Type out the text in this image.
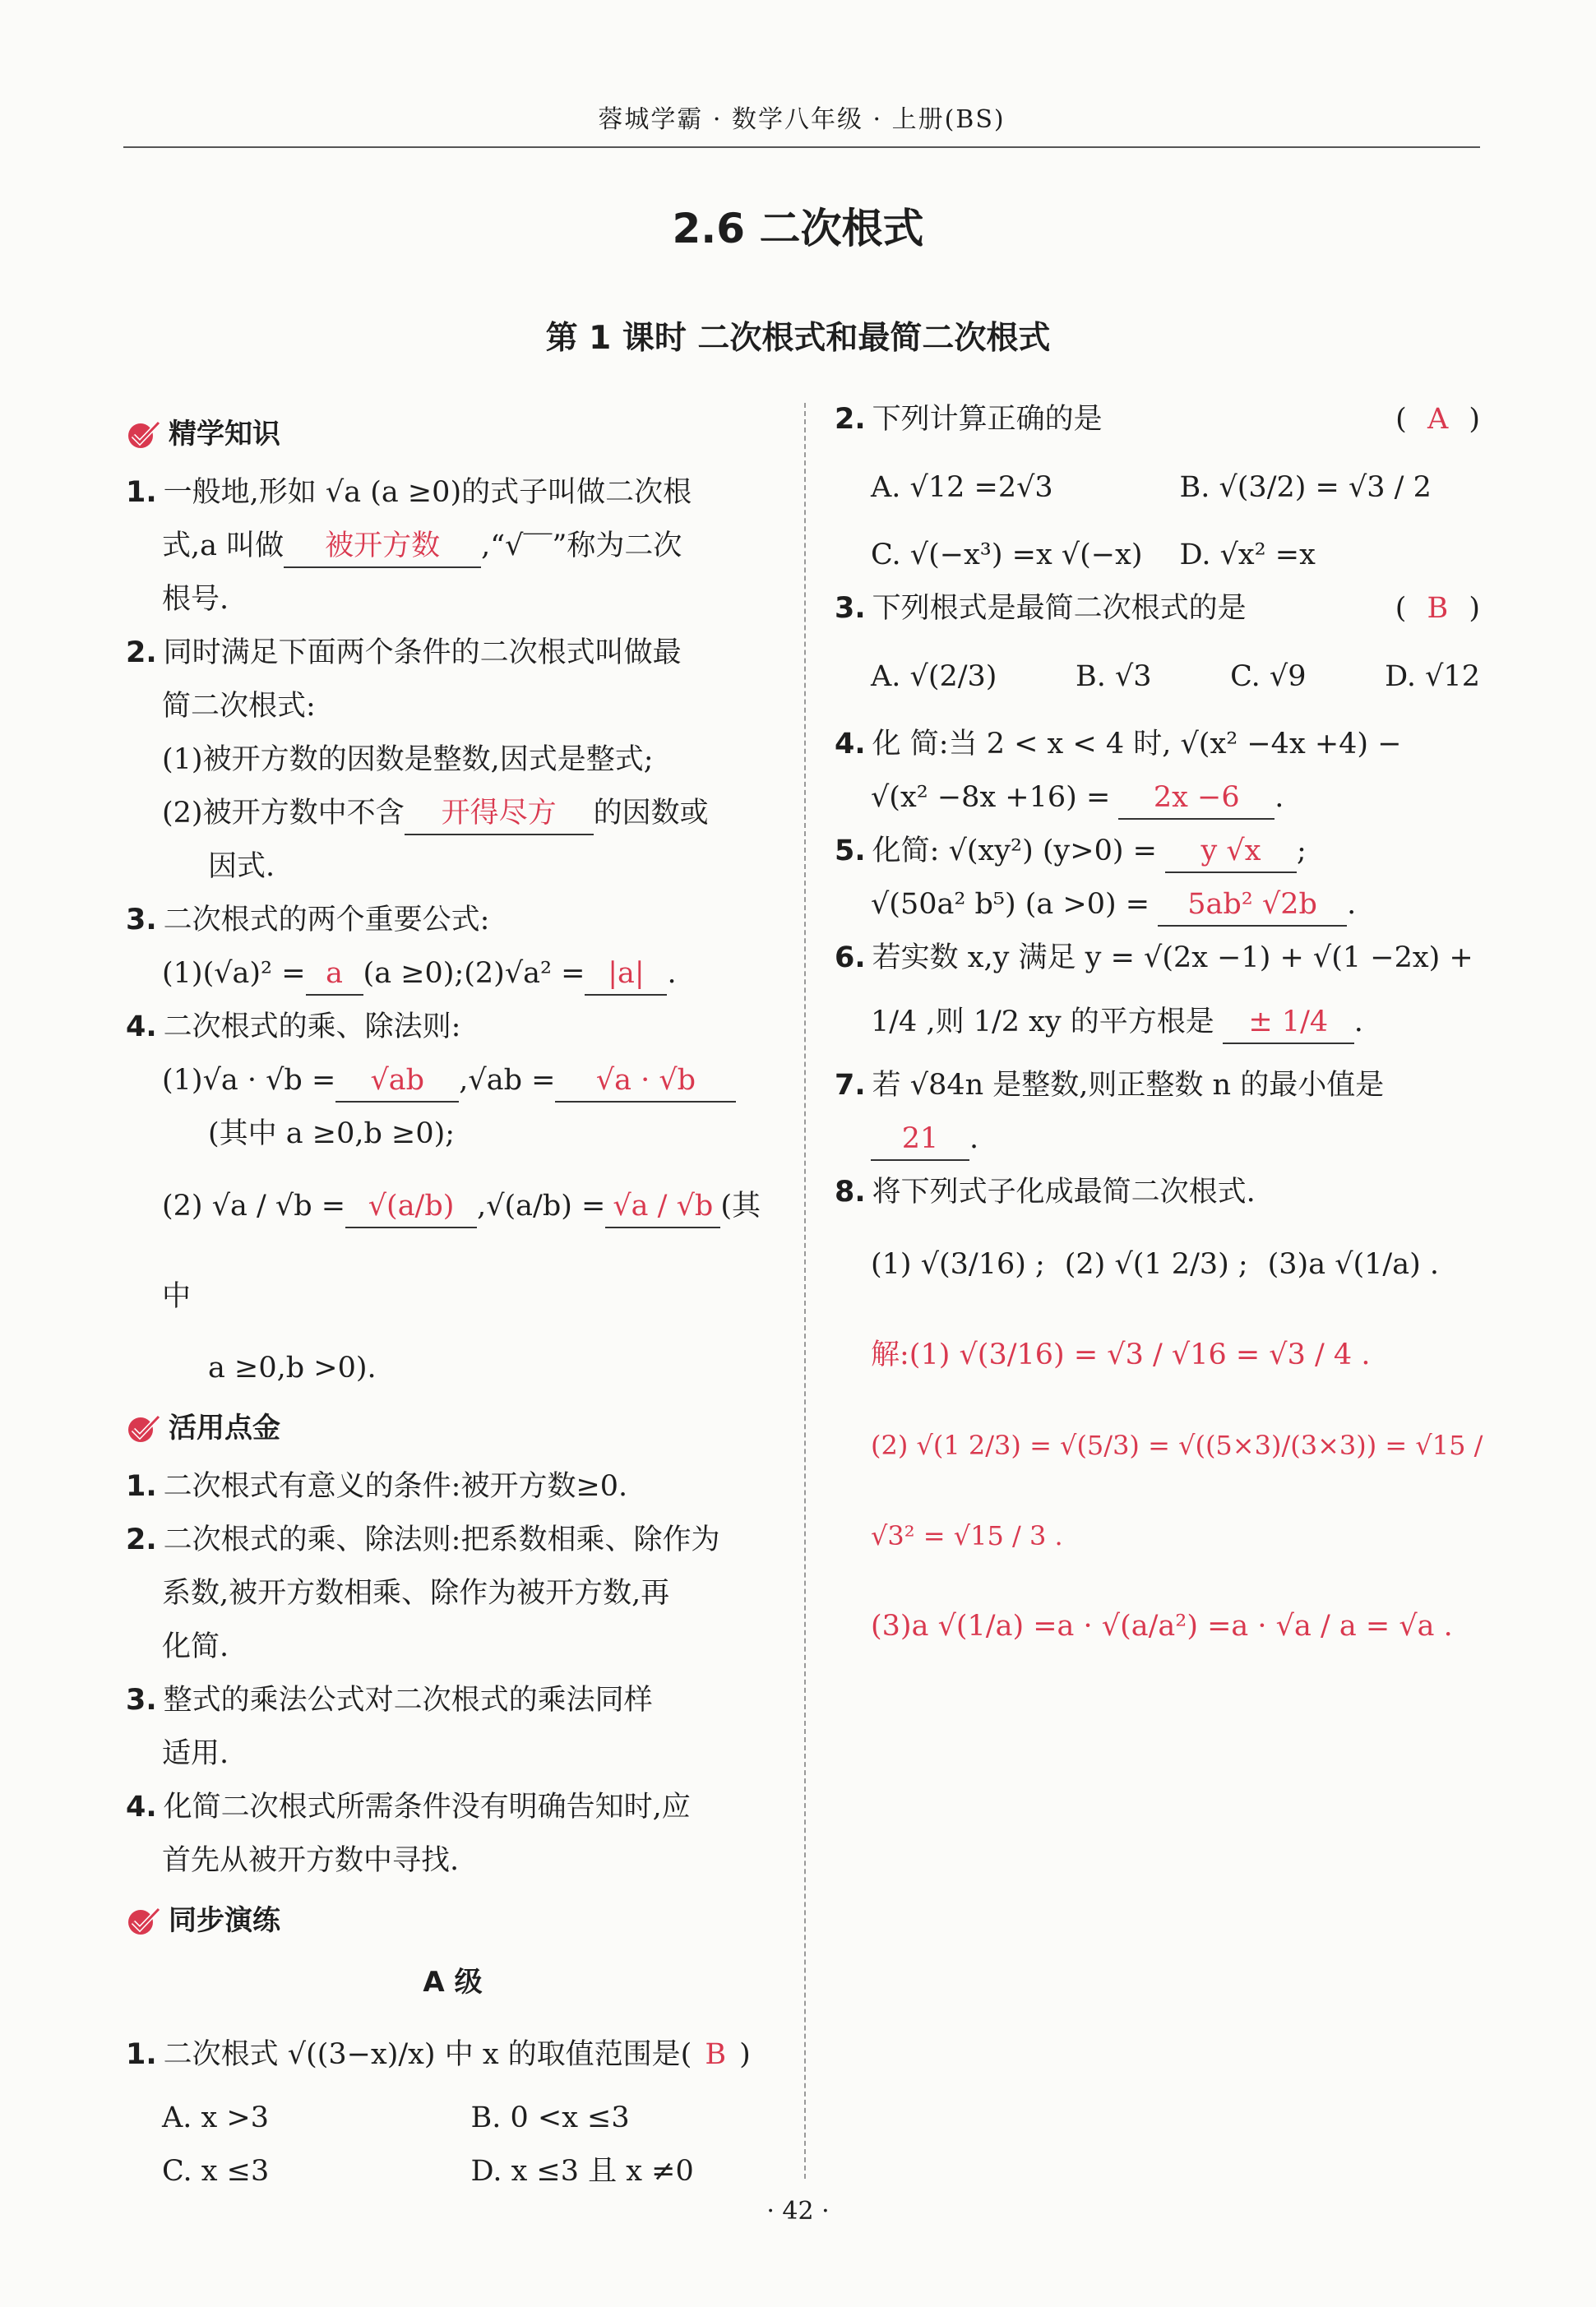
蓉城学霸 · 数学八年级 · 上册(BS)
2.6 二次根式
第 1 课时 二次根式和最简二次根式
精学知识

1. 一般地,形如 √a (a ≥0)的式子叫做二次根

式,a 叫做 被开方数 ,“√‾‾”称为二次

根号.

2. 同时满足下面两个条件的二次根式叫做最

简二次根式:

(1)被开方数的因数是整数,因式是整式;

(2)被开方数中不含 开得尽方 的因数或

因式.

3. 二次根式的两个重要公式:

(1)(√a)² = a (a ≥0);(2)√a² = |a| .

4. 二次根式的乘、除法则:

(1)√a · √b = √ab ,√ab = √a · √b

(其中 a ≥0,b ≥0);

(2) √a / √b = √(a/b) ,√(a/b) = √a / √b (其中

a ≥0,b >0).

活用点金

1. 二次根式有意义的条件:被开方数≥0.

2. 二次根式的乘、除法则:把系数相乘、除作为

系数,被开方数相乘、除作为被开方数,再

化简.

3. 整式的乘法公式对二次根式的乘法同样

适用.

4. 化简二次根式所需条件没有明确告知时,应

首先从被开方数中寻找.

同步演练
A 级

1. 二次根式 √((3−x)/x) 中 x 的取值范围是( B )

A. x >3	B. 0 <x ≤3
C. x ≤3	D. x ≤3 且 x ≠0

2. 下列计算正确的是	( A )

A. √12 =2√3	B. √(3/2) = √3 / 2
C. √(−x³) =x √(−x)	D. √x² =x

3. 下列根式是最简二次根式的是	( B )

A. √(2/3)	B. √3	C. √9	D. √12

4. 化 简:当 2 < x < 4 时, √(x² −4x +4) −

√(x² −8x +16) = 2x −6 .

5. 化简: √(xy²) (y>0) = y √x ;

√(50a² b⁵) (a >0) = 5ab² √2b .

6. 若实数 x,y 满足 y = √(2x −1) + √(1 −2x) +

1/4 ,则 1/2 xy 的平方根是 ± 1/4 .

7. 若 √84n 是整数,则正整数 n 的最小值是

21 .

8. 将下列式子化成最简二次根式.

(1) √(3/16) ; (2) √(1 2/3) ; (3)a √(1/a) .

解:(1) √(3/16) = √3 / √16 = √3 / 4 .

(2) √(1 2/3) = √(5/3) = √((5×3)/(3×3)) = √15 / √3² = √15 / 3 .

(3)a √(1/a) =a · √(a/a²) =a · √a / a = √a .

· 42 ·
